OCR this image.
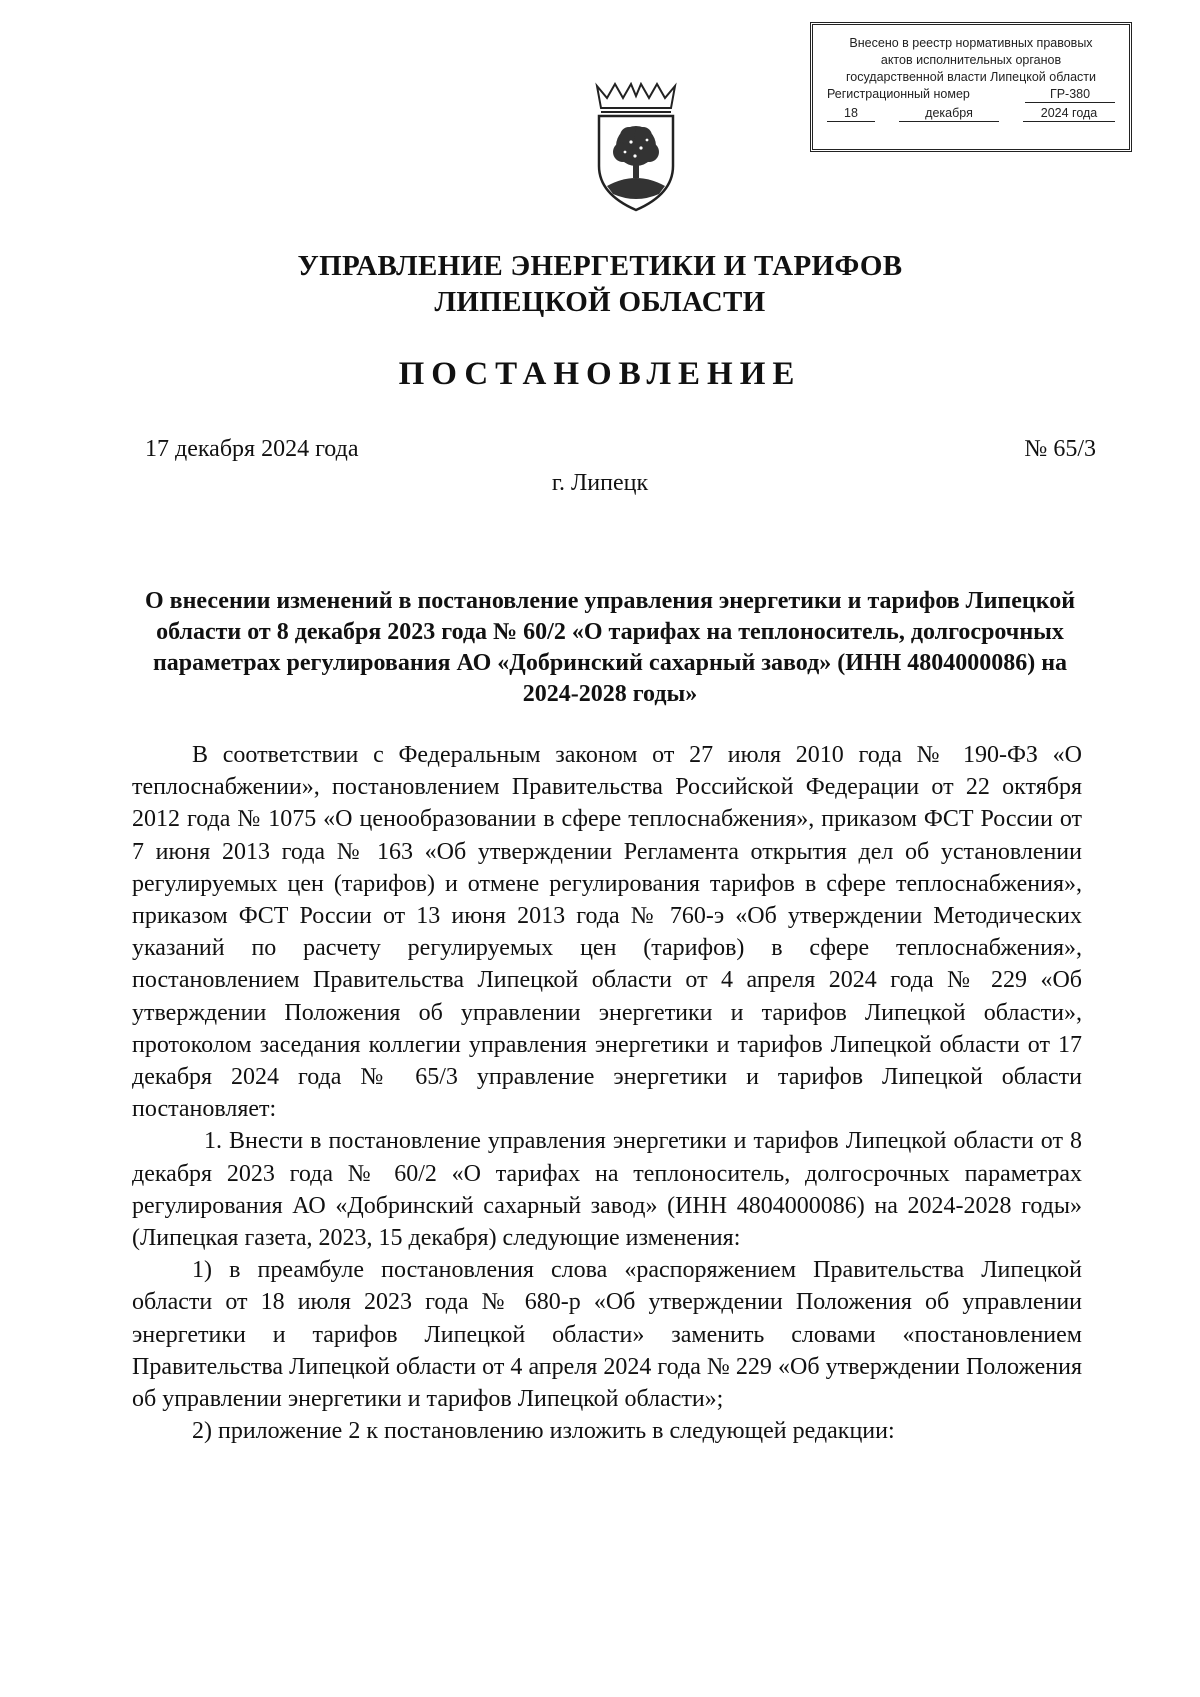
Внесено в реестр нормативных правовых
актов исполнительных органов
государственной власти Липецкой области
Регистрационный номер	ГР-380
18	декабря	2024 года
УПРАВЛЕНИЕ ЭНЕРГЕТИКИ И ТАРИФОВ
ЛИПЕЦКОЙ ОБЛАСТИ
ПОСТАНОВЛЕНИЕ
17 декабря 2024 года	№ 65/3
г. Липецк
О внесении изменений в постановление управления энергетики и тарифов Липецкой области от 8 декабря 2023 года № 60/2 «О тарифах на теплоноситель, долгосрочных параметрах регулирования АО «Добринский сахарный завод» (ИНН 4804000086) на 2024-2028 годы»

В соответствии с Федеральным законом от 27 июля 2010 года № 190-ФЗ «О теплоснабжении», постановлением Правительства Российской Федерации от 22 октября 2012 года № 1075 «О ценообразовании в сфере теплоснабжения», приказом ФСТ России от 7 июня 2013 года № 163 «Об утверждении Регламента открытия дел об установлении регулируемых цен (тарифов) и отмене регулирования тарифов в сфере теплоснабжения», приказом ФСТ России от 13 июня 2013 года № 760-э «Об утверждении Методических указаний по расчету регулируемых цен (тарифов) в сфере теплоснабжения», постановлением Правительства Липецкой области от 4 апреля 2024 года № 229 «Об утверждении Положения об управлении энергетики и тарифов Липецкой области», протоколом заседания коллегии управления энергетики и тарифов Липецкой области от 17 декабря 2024 года № 65/3 управление энергетики и тарифов Липецкой области постановляет:

1. Внести в постановление управления энергетики и тарифов Липецкой области от 8 декабря 2023 года № 60/2 «О тарифах на теплоноситель, долгосрочных параметрах регулирования АО «Добринский сахарный завод» (ИНН 4804000086) на 2024-2028 годы» (Липецкая газета, 2023, 15 декабря) следующие изменения:

1) в преамбуле постановления слова «распоряжением Правительства Липецкой области от 18 июля 2023 года № 680-р «Об утверждении Положения об управлении энергетики и тарифов Липецкой области» заменить словами «постановлением Правительства Липецкой области от 4 апреля 2024 года № 229 «Об утверждении Положения об управлении энергетики и тарифов Липецкой области»;

2) приложение 2 к постановлению изложить в следующей редакции:
